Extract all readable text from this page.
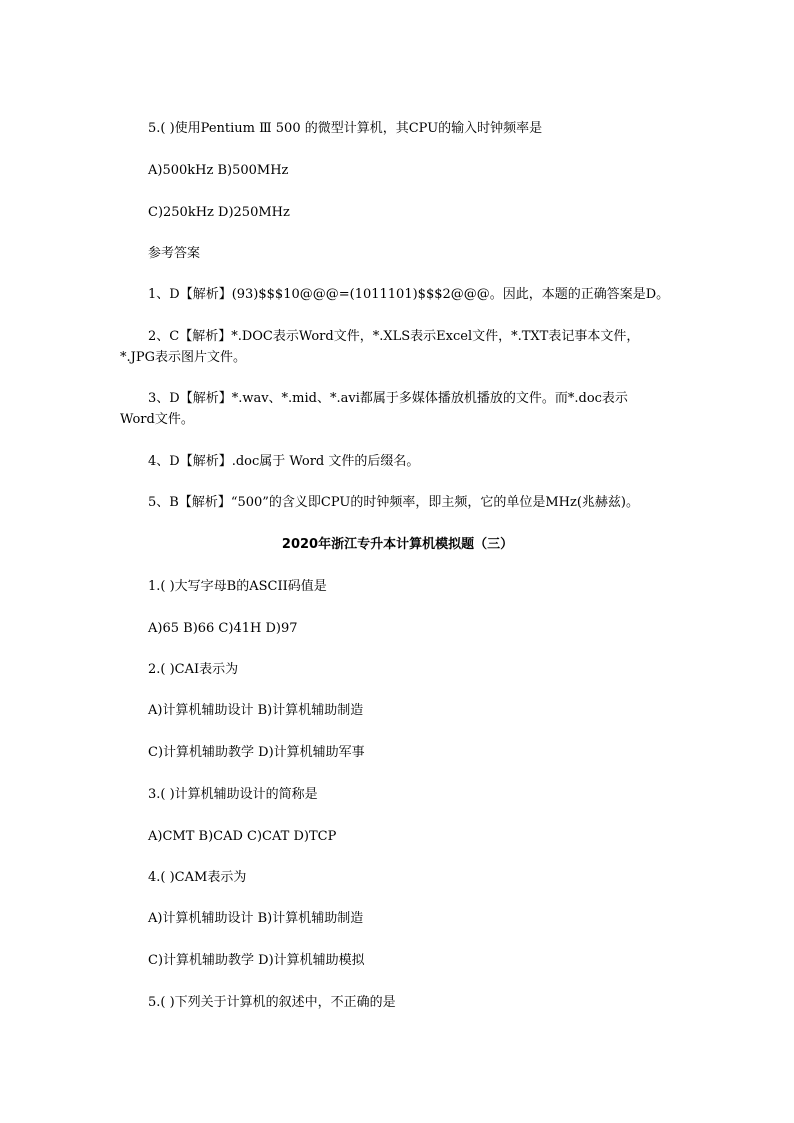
5.( )使用Pentium Ⅲ 500 的微型计算机，其CPU的输入时钟频率是
A)500kHz B)500MHz
C)250kHz D)250MHz
参考答案
1、D【解析】(93)$$$10@@@=(1011101)$$$2@@@。因此，本题的正确答案是D。
2、C【解析】*.DOC表示Word文件，*.XLS表示Excel文件，*.TXT表记事本文件，
*.JPG表示图片文件。
3、D【解析】*.wav、*.mid、*.avi都属于多媒体播放机播放的文件。而*.doc表示
Word文件。
4、D【解析】.doc属于 Word 文件的后缀名。
5、B【解析】“500”的含义即CPU的时钟频率，即主频，它的单位是MHz(兆赫兹)。
2020年浙江专升本计算机模拟题（三）
1.( )大写字母B的ASCII码值是
A)65 B)66 C)41H D)97
2.( )CAI表示为
A)计算机辅助设计 B)计算机辅助制造
C)计算机辅助教学 D)计算机辅助军事
3.( )计算机辅助设计的简称是
A)CMT B)CAD C)CAT D)TCP
4.( )CAM表示为
A)计算机辅助设计 B)计算机辅助制造
C)计算机辅助教学 D)计算机辅助模拟
5.( )下列关于计算机的叙述中，不正确的是
